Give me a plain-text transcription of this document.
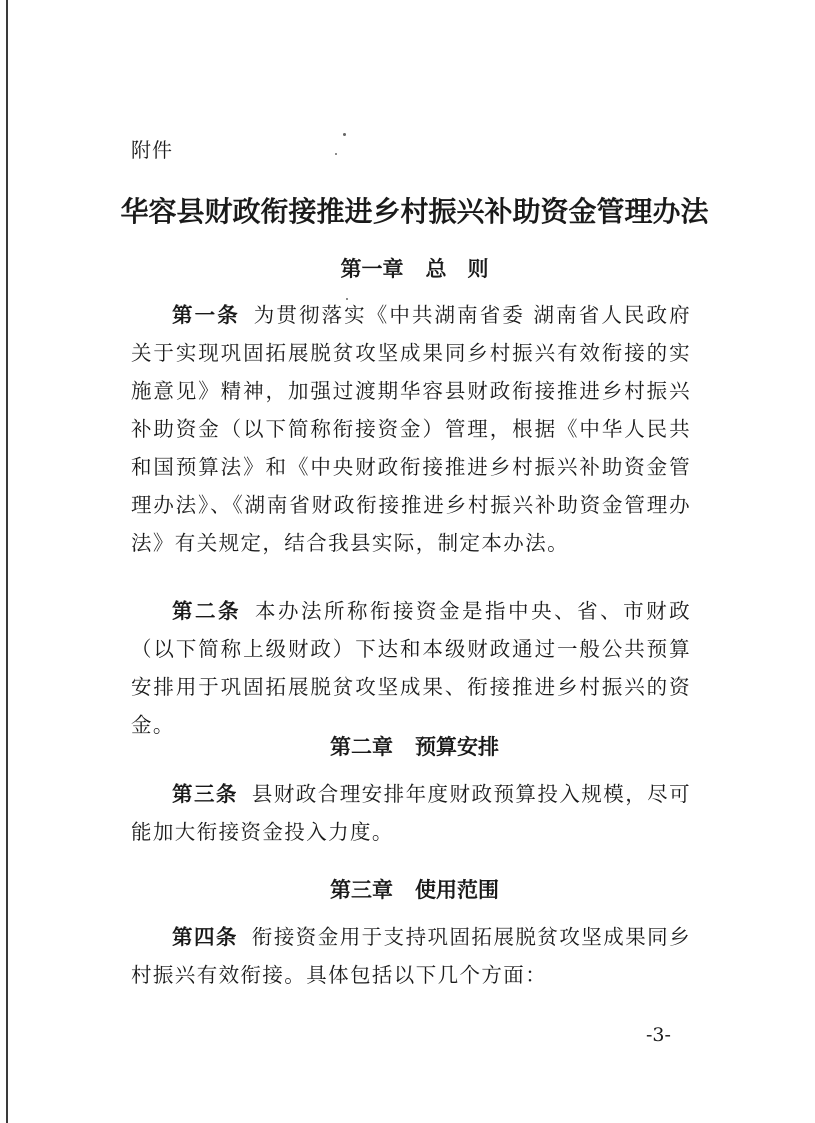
附件
华容县财政衔接推进乡村振兴补助资金管理办法
第一章 总　则
第一条 为贯彻落实《中共湖南省委 湖南省人民政府关于实现巩固拓展脱贫攻坚成果同乡村振兴有效衔接的实施意见》精神，加强过渡期华容县财政衔接推进乡村振兴补助资金（以下简称衔接资金）管理，根据《中华人民共和国预算法》和《中央财政衔接推进乡村振兴补助资金管理办法》、《湖南省财政衔接推进乡村振兴补助资金管理办法》有关规定，结合我县实际，制定本办法。
第二条 本办法所称衔接资金是指中央、省、市财政（以下简称上级财政）下达和本级财政通过一般公共预算安排用于巩固拓展脱贫攻坚成果、衔接推进乡村振兴的资金。
第二章 预算安排
第三条 县财政合理安排年度财政预算投入规模，尽可能加大衔接资金投入力度。
第三章 使用范围
第四条 衔接资金用于支持巩固拓展脱贫攻坚成果同乡村振兴有效衔接。具体包括以下几个方面：
-3-
